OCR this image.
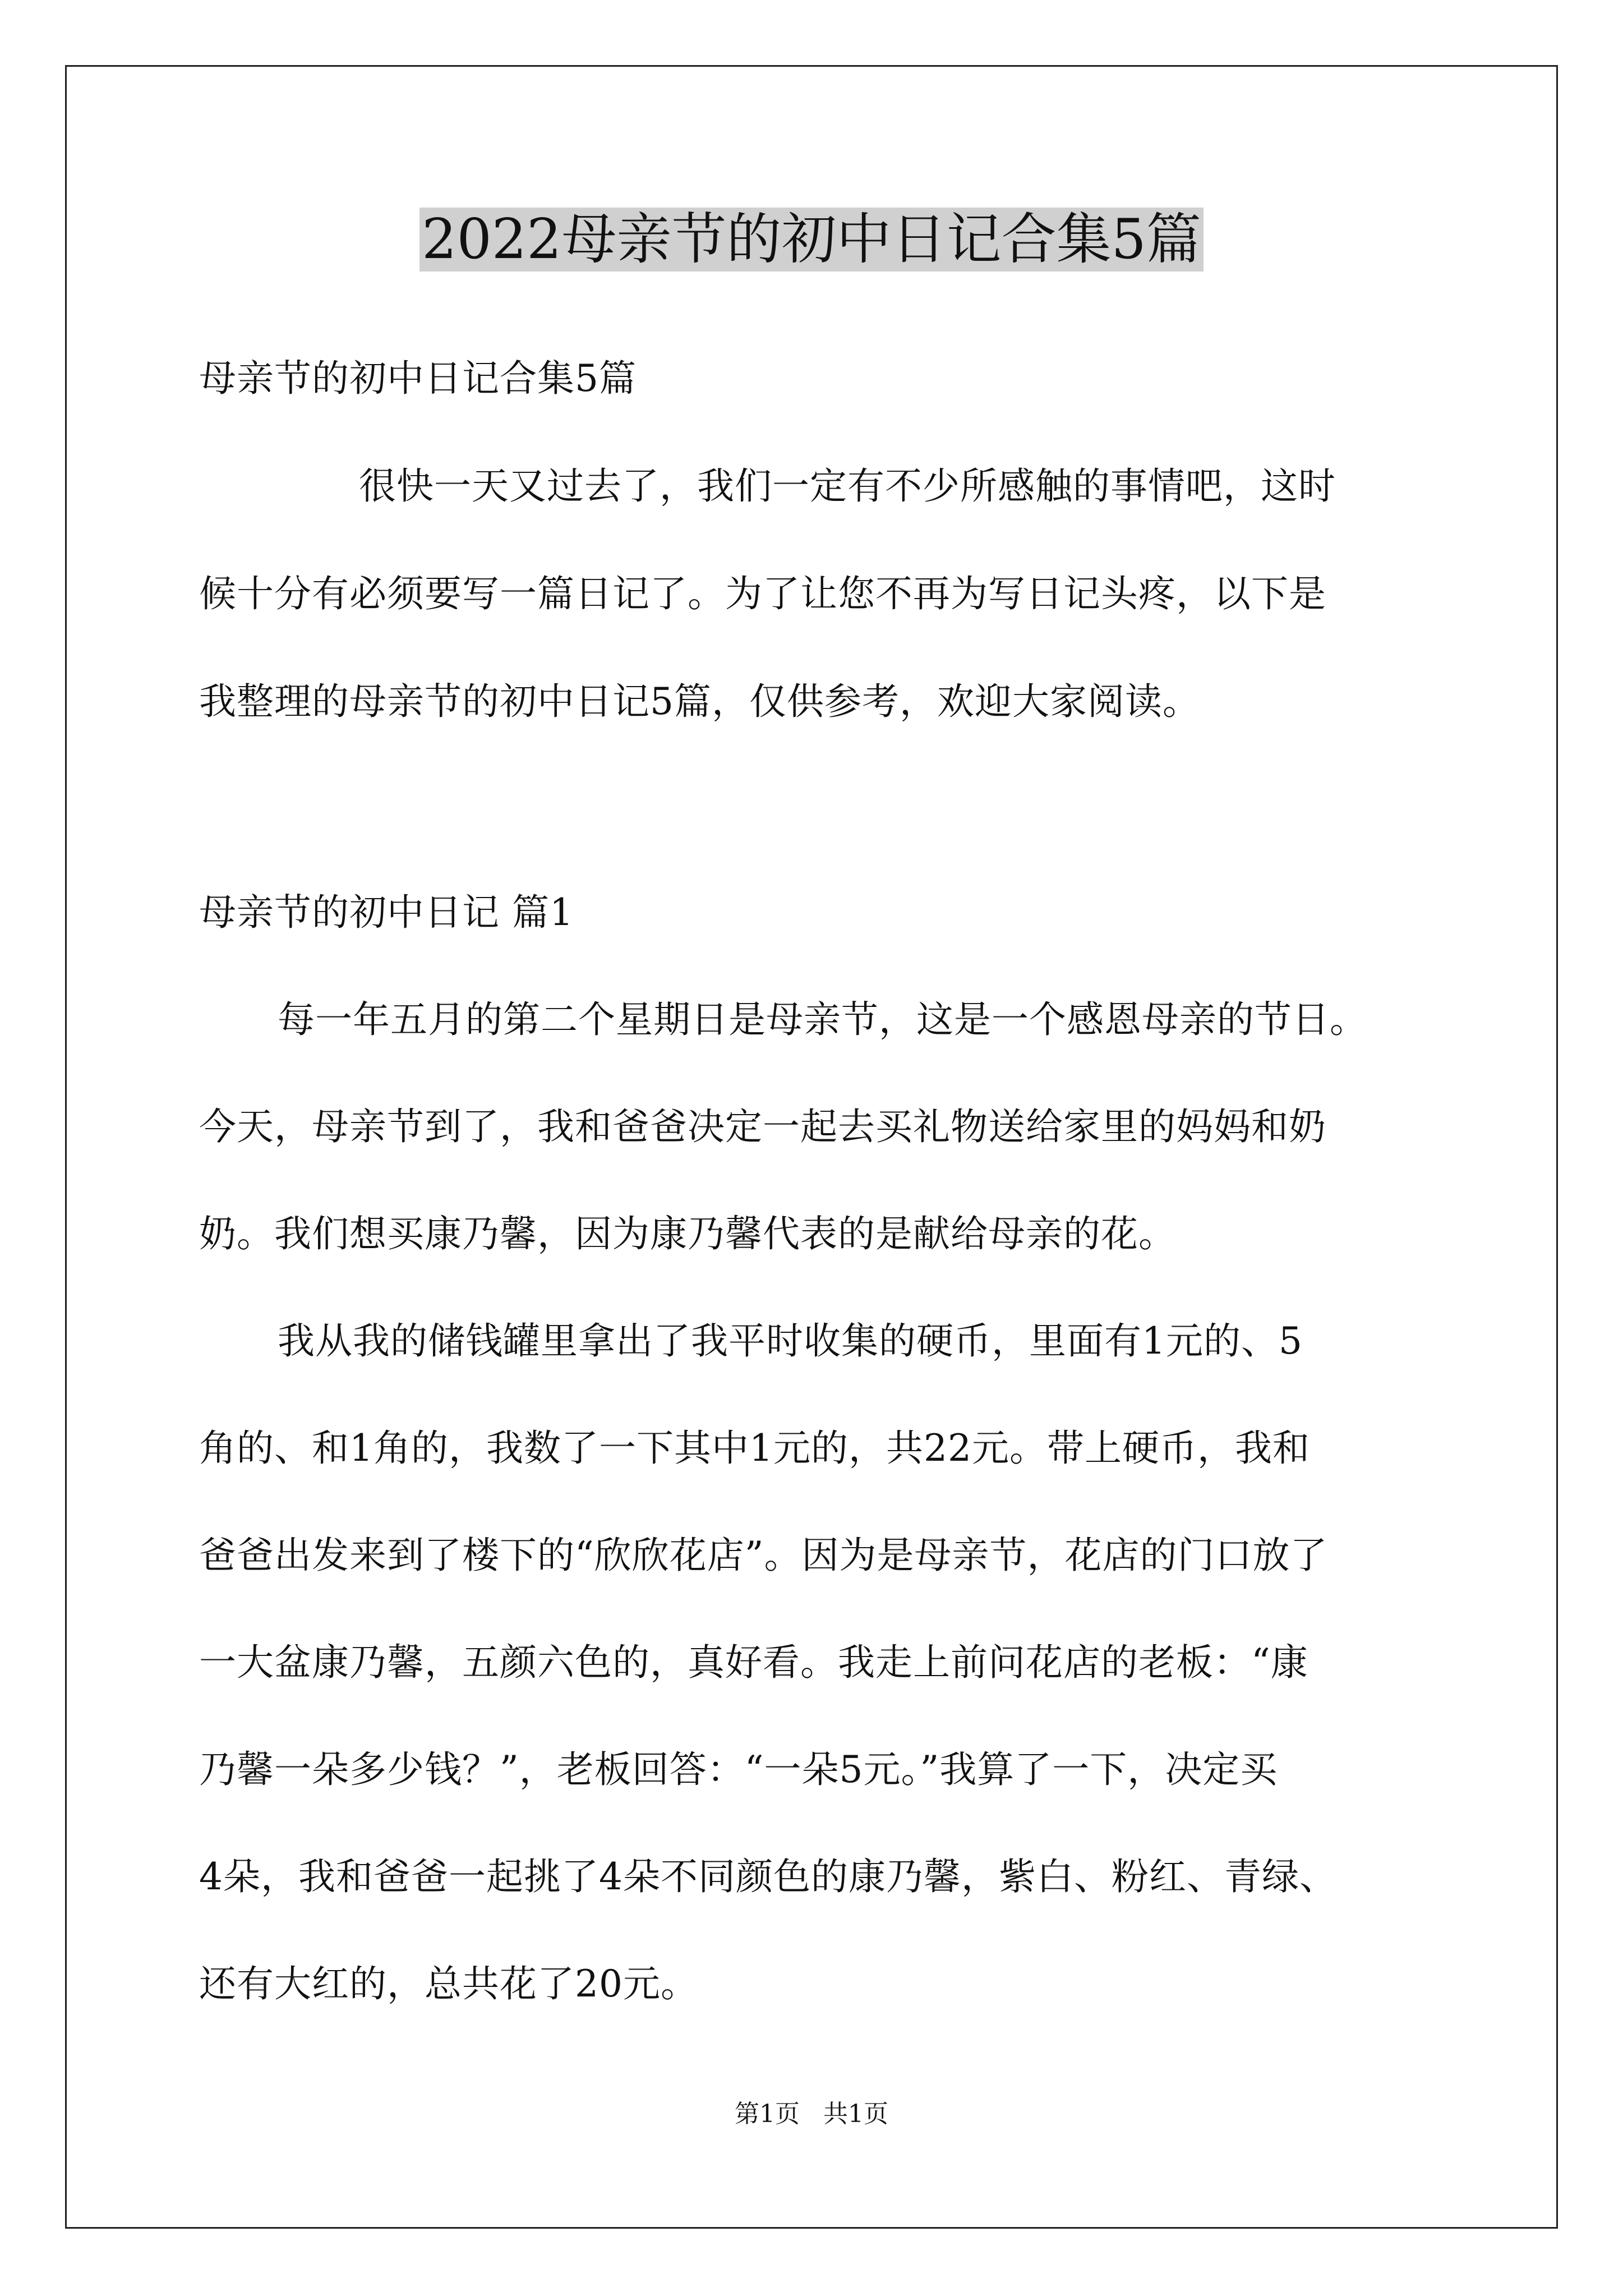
2022母亲节的初中日记合集5篇
母亲节的初中日记合集5篇
很快一天又过去了，我们一定有不少所感触的事情吧，这时
候十分有必须要写一篇日记了。为了让您不再为写日记头疼，以下是
我整理的母亲节的初中日记5篇，仅供参考，欢迎大家阅读。
母亲节的初中日记 篇1
每一年五月的第二个星期日是母亲节，这是一个感恩母亲的节日。
今天，母亲节到了，我和爸爸决定一起去买礼物送给家里的妈妈和奶
奶。我们想买康乃馨，因为康乃馨代表的是献给母亲的花。
我从我的储钱罐里拿出了我平时收集的硬币，里面有1元的、5
角的、和1角的，我数了一下其中1元的，共22元。带上硬币，我和
爸爸出发来到了楼下的“欣欣花店”。因为是母亲节，花店的门口放了
一大盆康乃馨，五颜六色的，真好看。我走上前问花店的老板：“康
乃馨一朵多少钱？”，老板回答：“一朵5元。”我算了一下，决定买
4朵，我和爸爸一起挑了4朵不同颜色的康乃馨，紫白、粉红、青绿、
还有大红的，总共花了20元。
第1页   共1页
